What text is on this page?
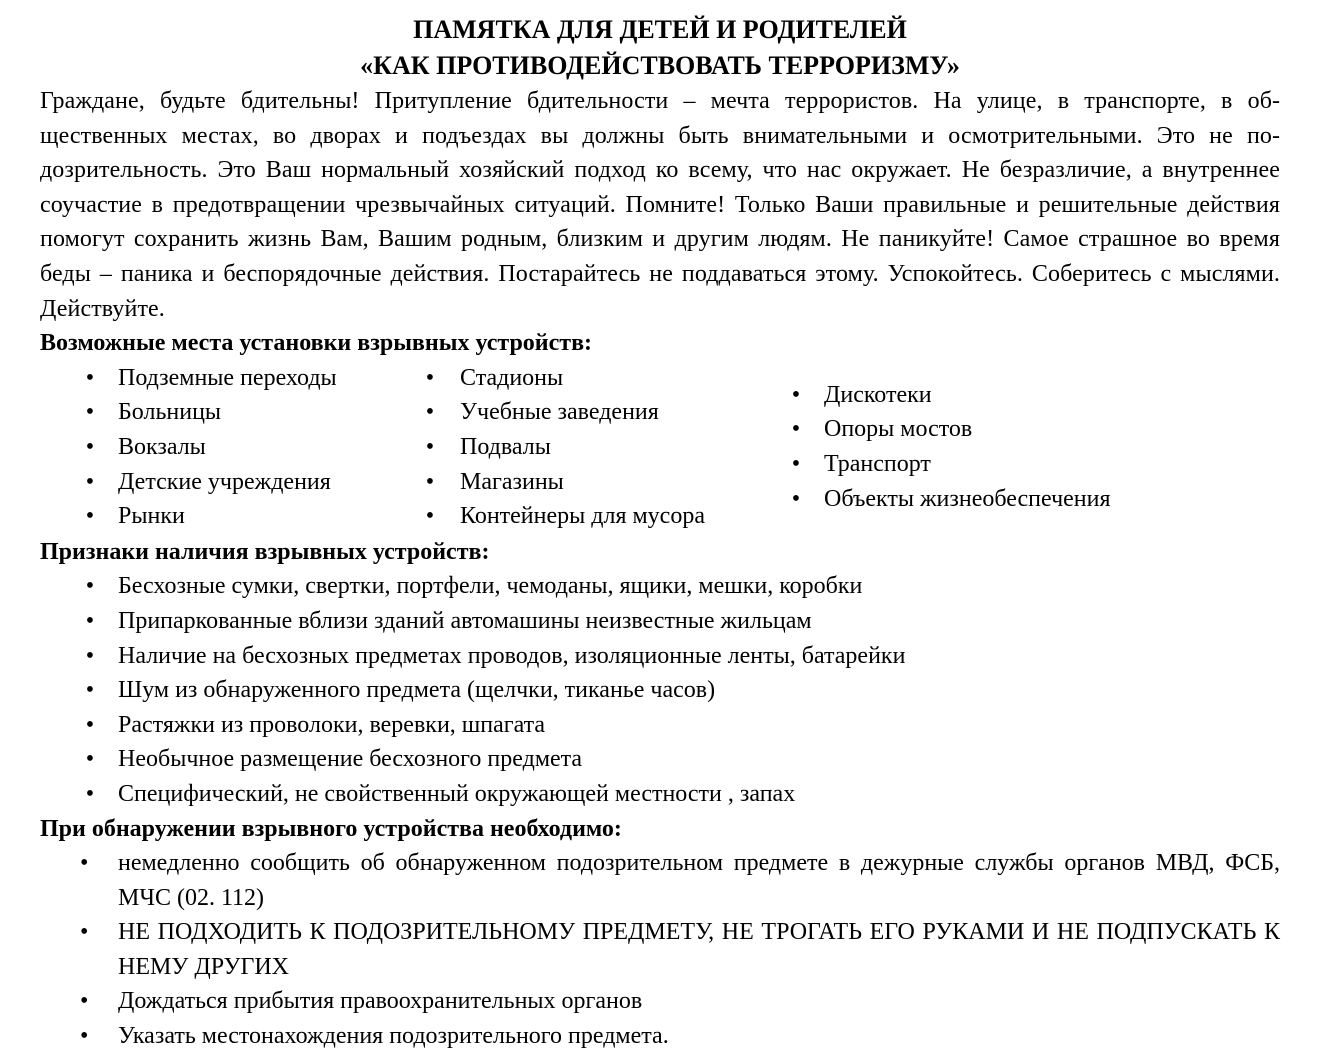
ПАМЯТКА ДЛЯ ДЕТЕЙ И РОДИТЕЛЕЙ

«КАК ПРОТИВОДЕЙСТВОВАТЬ ТЕРРОРИЗМУ»

Граждане, будьте бдительны! Притупление бдительности – мечта террористов. На улице, в транспорте, в общественных местах, во дворах и подъездах вы должны быть внимательными и осмотрительными. Это не подозрительность. Это Ваш нормальный хозяйский подход ко всему, что нас окружает. Не безразличие, а внутреннее соучастие в предотвращении чрезвычайных ситуаций. Помните! Только Ваши правильные и решительные действия помогут сохранить жизнь Вам, Вашим родным, близким и другим людям. Не паникуйте! Самое страшное во время беды – паника и беспорядочные действия. Постарайтесь не поддаваться этому. Успокойтесь. Соберитесь с мыслями. Действуйте.

Возможные места установки взрывных устройств:

• Подземные переходы
• Больницы
• Вокзалы
• Детские учреждения
• Рынки
• Стадионы
• Учебные заведения
• Подвалы
• Магазины
• Контейнеры для мусора
• Дискотеки
• Опоры мостов
• Транспорт
• Объекты жизнеобеспечения

Признаки наличия взрывных устройств:

• Бесхозные сумки, свертки, портфели, чемоданы, ящики, мешки, коробки
• Припаркованные вблизи зданий автомашины неизвестные жильцам
• Наличие на бесхозных предметах проводов, изоляционные ленты, батарейки
• Шум из обнаруженного предмета (щелчки, тиканье часов)
• Растяжки из проволоки, веревки, шпагата
• Необычное размещение бесхозного предмета
• Специфический, не свойственный окружающей местности , запах

При обнаружении взрывного устройства необходимо:

•	немедленно сообщить об обнаруженном подозрительном предмете в дежурные службы органов МВД, ФСБ, МЧС (02. 112)
•	НЕ ПОДХОДИТЬ К ПОДОЗРИТЕЛЬНОМУ ПРЕДМЕТУ, НЕ ТРОГАТЬ ЕГО РУКАМИ И НЕ ПОДПУСКАТЬ К НЕМУ ДРУГИХ
•	Дождаться прибытия правоохранительных органов
•	Указать местонахождения подозрительного предмета.
